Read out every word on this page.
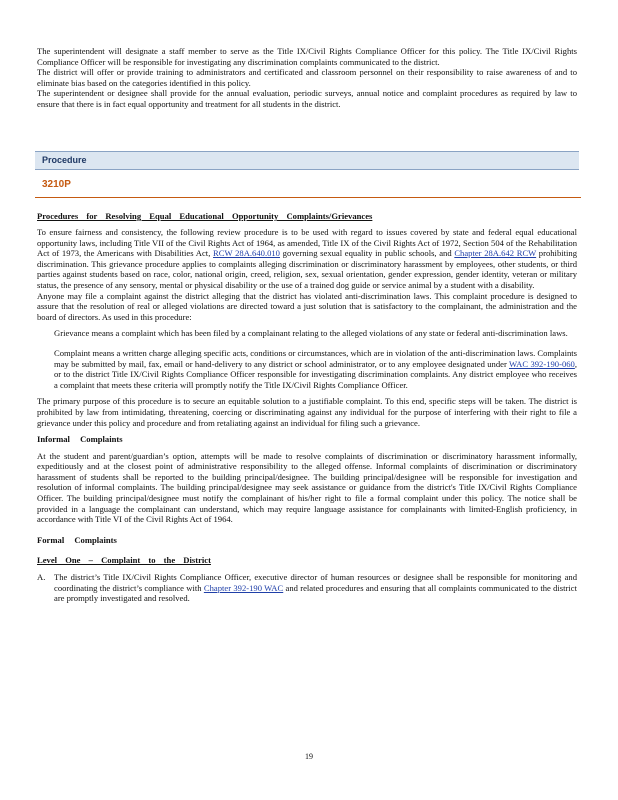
The superintendent will designate a staff member to serve as the Title IX/Civil Rights Compliance Officer for this policy. The Title IX/Civil Rights Compliance Officer will be responsible for investigating any discrimination complaints communicated to the district.

The district will offer or provide training to administrators and certificated and classroom personnel on their responsibility to raise awareness of and to eliminate bias based on the categories identified in this policy.

The superintendent or designee shall provide for the annual evaluation, periodic surveys, annual notice and complaint procedures as required by law to ensure that there is in fact equal opportunity and treatment for all students in the district.

Procedure
3210P

Procedures for Resolving Equal Educational Opportunity Complaints/Grievances

To ensure fairness and consistency, the following review procedure is to be used with regard to issues covered by state and federal equal educational opportunity laws, including Title VII of the Civil Rights Act of 1964, as amended, Title IX of the Civil Rights Act of 1972, Section 504 of the Rehabilitation Act of 1973, the Americans with Disabilities Act, RCW 28A.640.010 governing sexual equality in public schools, and Chapter 28A.642 RCW prohibiting discrimination. This grievance procedure applies to complaints alleging discrimination or discriminatory harassment by employees, other students, or third parties against students based on race, color, national origin, creed, religion, sex, sexual orientation, gender expression, gender identity, veteran or military status, the presence of any sensory, mental or physical disability or the use of a trained dog guide or service animal by a student with a disability.

Anyone may file a complaint against the district alleging that the district has violated anti-discrimination laws. This complaint procedure is designed to assure that the resolution of real or alleged violations are directed toward a just solution that is satisfactory to the complainant, the administration and the board of directors. As used in this procedure:

Grievance means a complaint which has been filed by a complainant relating to the alleged violations of any state or federal anti-discrimination laws.

Complaint means a written charge alleging specific acts, conditions or circumstances, which are in violation of the anti-discrimination laws. Complaints may be submitted by mail, fax, email or hand-delivery to any district or school administrator, or to any employee designated under WAC 392-190-060, or to the district Title IX/Civil Rights Compliance Officer responsible for investigating discrimination complaints. Any district employee who receives a complaint that meets these criteria will promptly notify the Title IX/Civil Rights Compliance Officer.

The primary purpose of this procedure is to secure an equitable solution to a justifiable complaint. To this end, specific steps will be taken. The district is prohibited by law from intimidating, threatening, coercing or discriminating against any individual for the purpose of interfering with their right to file a grievance under this policy and procedure and from retaliating against an individual for filing such a grievance.

Informal Complaints

At the student and parent/guardian’s option, attempts will be made to resolve complaints of discrimination or discriminatory harassment informally, expeditiously and at the closest point of administrative responsibility to the alleged offense. Informal complaints of discrimination or discriminatory harassment of students shall be reported to the building principal/designee. The building principal/designee will be responsible for investigation and resolution of informal complaints. The building principal/designee may seek assistance or guidance from the district's Title IX/Civil Rights Compliance Officer. The building principal/designee must notify the complainant of his/her right to file a formal complaint under this policy. The notice shall be provided in a language the complainant can understand, which may require language assistance for complainants with limited-English proficiency, in accordance with Title VI of the Civil Rights Act of 1964.

Formal Complaints

Level One – Complaint to the District

A. The district’s Title IX/Civil Rights Compliance Officer, executive director of human resources or designee shall be responsible for monitoring and coordinating the district’s compliance with Chapter 392-190 WAC and related procedures and ensuring that all complaints communicated to the district are promptly investigated and resolved.

19
